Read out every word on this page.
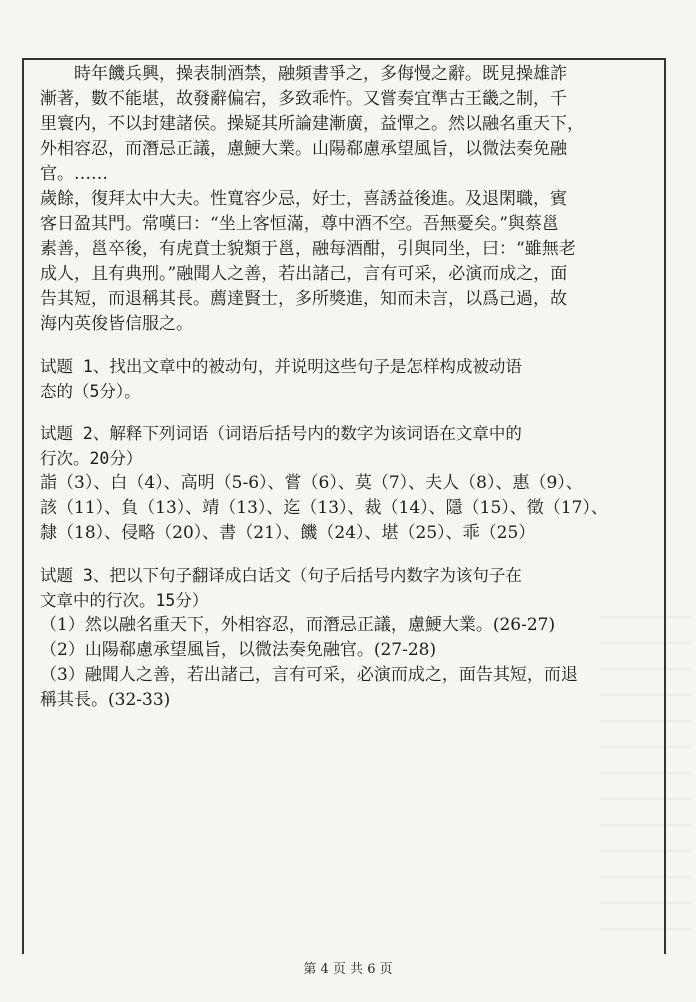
時年饑兵興，操表制酒禁，融頻書爭之，多侮慢之辭。既見操雄詐
漸著，數不能堪，故發辭偏宕，多致乖忤。又嘗奏宜準古王畿之制，千
里寰内，不以封建諸侯。操疑其所論建漸廣，益憚之。然以融名重天下，
外相容忍，而潛忌正議，慮鯁大業。山陽郗慮承望風旨，以微法奏免融
官。……
歲餘，復拜太中大夫。性寬容少忌，好士，喜誘益後進。及退閑職，賓
客日盈其門。常嘆曰：“坐上客恒滿，尊中酒不空。吾無憂矣。”與蔡邕
素善，邕卒後，有虎賁士貌類于邕，融每酒酣，引與同坐，曰：“雖無老
成人，且有典刑。”融聞人之善，若出諸己，言有可采，必演而成之，面
告其短，而退稱其長。薦達賢士，多所獎進，知而未言，以爲己過，故
海内英俊皆信服之。
试题 1、找出文章中的被动句，并说明这些句子是怎样构成被动语
态的（5分）。
试题 2、解释下列词语（词语后括号内的数字为该词语在文章中的
行次。20分）
詣（3）、白（4）、高明（5-6）、嘗（6）、莫（7）、夫人（8）、惠（9）、
該（11）、負（13）、靖（13）、迄（13）、裁（14）、隱（15）、徵（17）、
隸（18）、侵略（20）、書（21）、饑（24）、堪（25）、乖（25）
试题 3、把以下句子翻译成白话文（句子后括号内数字为该句子在
文章中的行次。15分）
（1）然以融名重天下，外相容忍，而潛忌正議，慮鯁大業。(26-27)
（2）山陽郗慮承望風旨，以微法奏免融官。(27-28)
（3）融聞人之善，若出諸己，言有可采，必演而成之，面告其短，而退
稱其長。(32-33)
第 4 页 共 6 页
